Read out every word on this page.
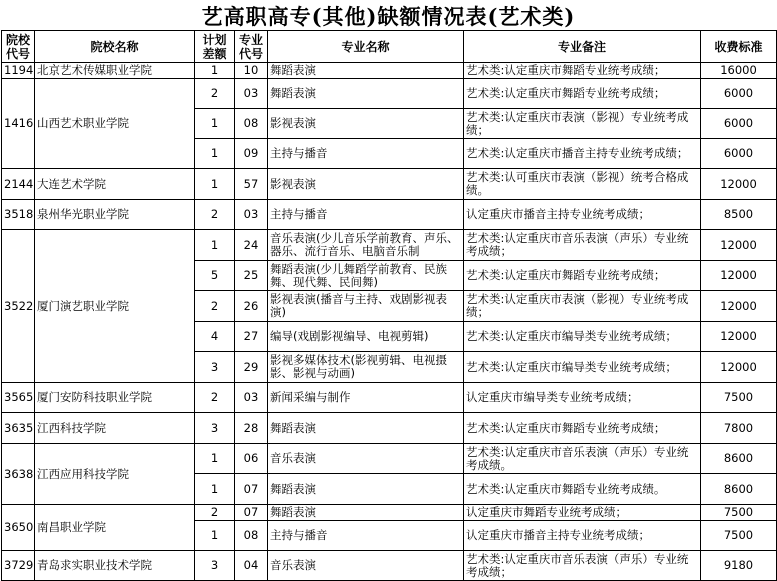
艺高职高专(其他)缺额情况表(艺术类)
院校代号	院校名称	计划差额	专业代号	专业名称	专业备注	收费标准
1194	北京艺术传媒职业学院	1	10	舞蹈表演	艺术类:认定重庆市舞蹈专业统考成绩；	16000
1416	山西艺术职业学院	2	03	舞蹈表演	艺术类:认定重庆市舞蹈专业统考成绩；	6000
		1	08	影视表演	艺术类:认定重庆市表演（影视）专业统考成绩；	6000
		1	09	主持与播音	艺术类:认定重庆市播音主持专业统考成绩；	6000
2144	大连艺术学院	1	57	影视表演	艺术类:认可重庆市表演（影视）统考合格成绩。	12000
3518	泉州华光职业学院	2	03	主持与播音	认定重庆市播音主持专业统考成绩；	8500
3522	厦门演艺职业学院	1	24	音乐表演(少儿音乐学前教育、声乐、器乐、流行音乐、电脑音乐制	艺术类:认定重庆市音乐表演（声乐）专业统考成绩；	12000
		5	25	舞蹈表演(少儿舞蹈学前教育、民族舞、现代舞、民间舞)	艺术类:认定重庆市舞蹈专业统考成绩；	12000
		2	26	影视表演(播音与主持、戏剧影视表演)	艺术类:认定重庆市表演（影视）专业统考成绩；	12000
		4	27	编导(戏剧影视编导、电视剪辑)	艺术类:认定重庆市编导类专业统考成绩；	12000
		3	29	影视多媒体技术(影视剪辑、电视摄影、影视与动画)	艺术类:认定重庆市编导类专业统考成绩；	12000
3565	厦门安防科技职业学院	2	03	新闻采编与制作	认定重庆市编导类专业统考成绩；	7500
3635	江西科技学院	3	28	舞蹈表演	艺术类:认定重庆市舞蹈专业统考成绩；	7800
3638	江西应用科技学院	1	06	音乐表演	艺术类:认定重庆市音乐表演（声乐）专业统考成绩。	8600
		1	07	舞蹈表演	艺术类:认定重庆市舞蹈专业统考成绩。	8600
3650	南昌职业学院	2	07	舞蹈表演	认定重庆市舞蹈专业统考成绩；	7500
		1	08	主持与播音	认定重庆市播音主持专业统考成绩；	7500
3729	青岛求实职业技术学院	3	04	音乐表演	艺术类:认定重庆市音乐表演（声乐）专业统考成绩；	9180
